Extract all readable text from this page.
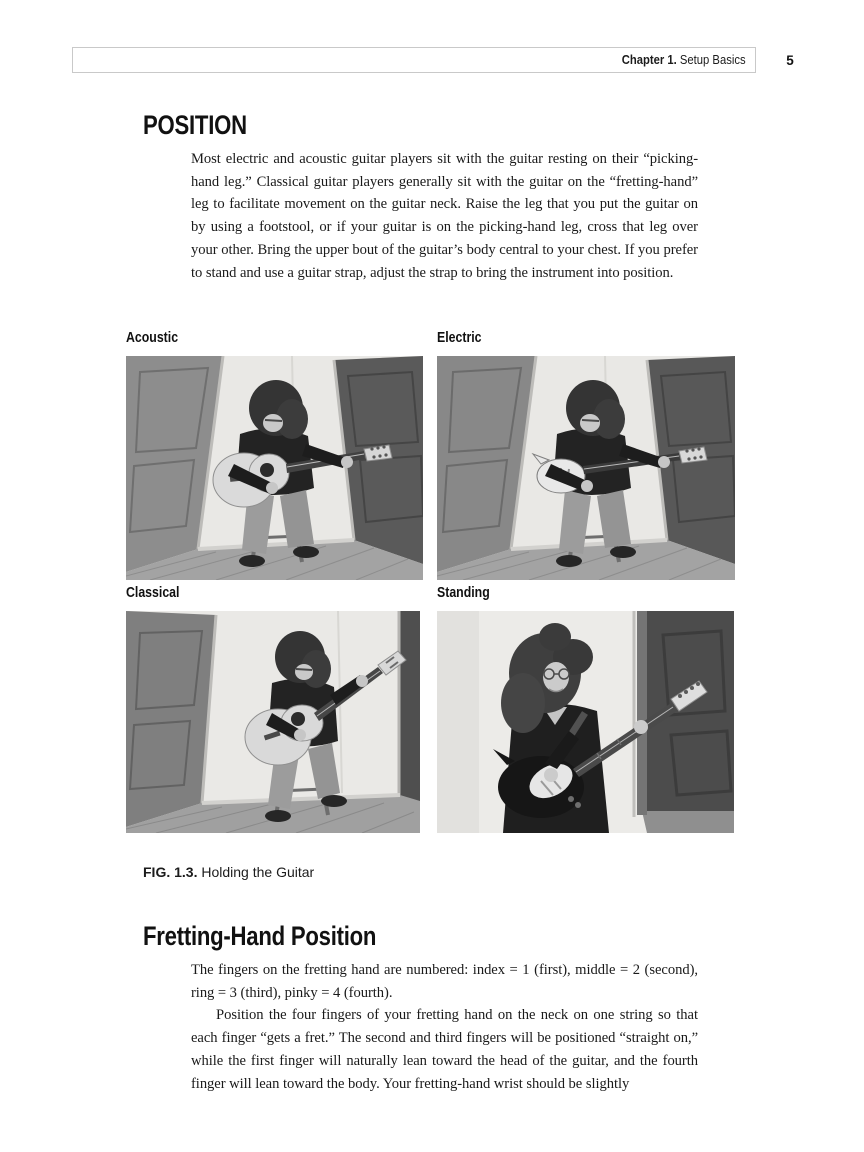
Chapter 1. Setup Basics	5
POSITION

Most electric and acoustic guitar players sit with the guitar resting on their “picking-hand leg.” Classical guitar players generally sit with the guitar on the “fretting-hand” leg to facilitate movement on the guitar neck. Raise the leg that you put the guitar on by using a footstool, or if your guitar is on the picking-hand leg, cross that leg over your other. Bring the upper bout of the guitar’s body central to your chest. If you prefer to stand and use a guitar strap, adjust the strap to bring the instrument into position.

Acoustic	Electric
Classical	Standing
FIG. 1.3. Holding the Guitar
Fretting-Hand Position

The fingers on the fretting hand are numbered: index = 1 (first), middle = 2 (second), ring = 3 (third), pinky = 4 (fourth).

Position the four fingers of your fretting hand on the neck on one string so that each finger “gets a fret.” The second and third fingers will be positioned “straight on,” while the first finger will naturally lean toward the head of the guitar, and the fourth finger will lean toward the body. Your fretting-hand wrist should be slightly
